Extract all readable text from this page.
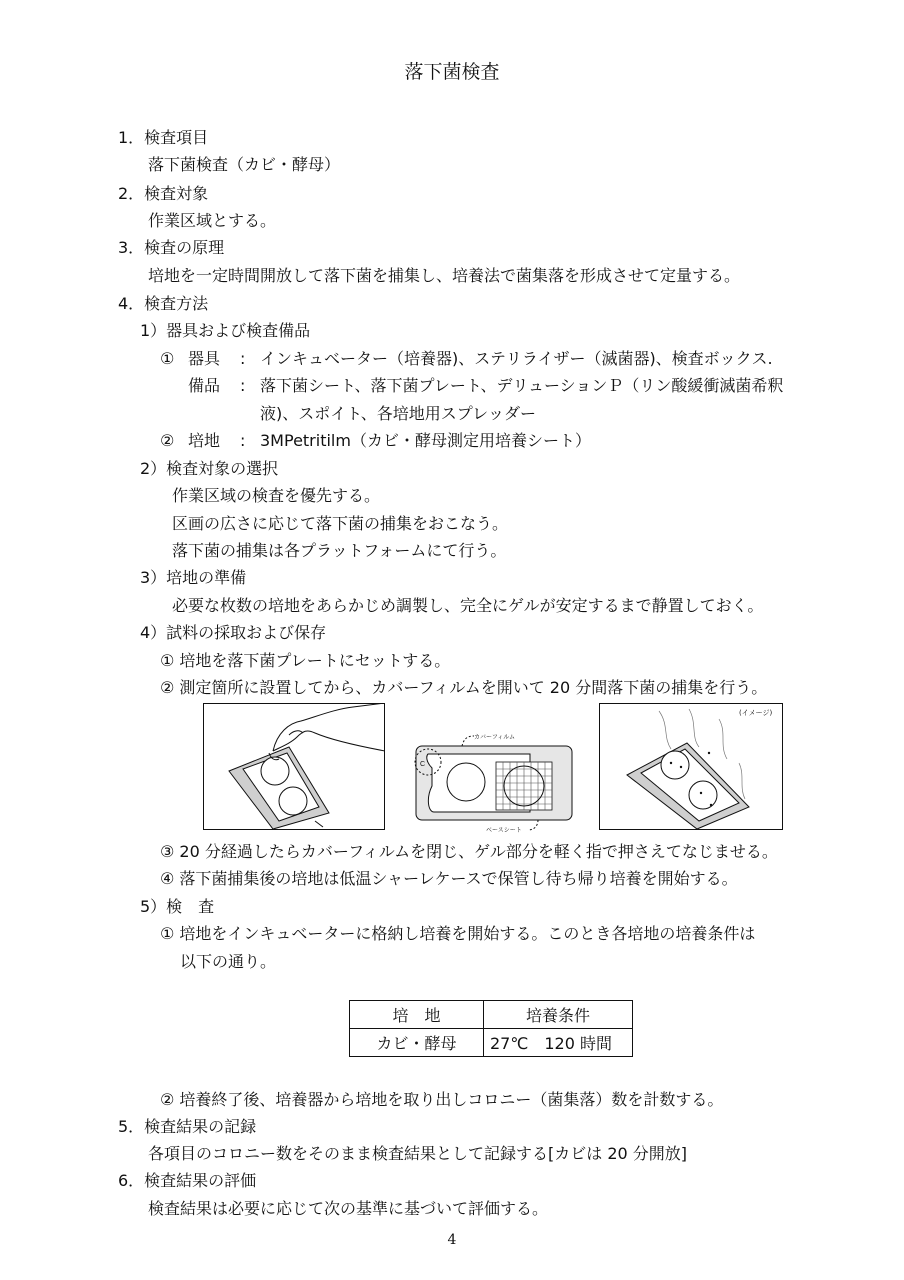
落下菌検査
1．検査項目
落下菌検査（カビ・酵母）
2．検査対象
作業区域とする。
3．検査の原理
培地を一定時間開放して落下菌を捕集し、培養法で菌集落を形成させて定量する。
4．検査方法
1）器具および検査備品
① 器具 : インキュベーター（培養器)、ステリライザー（滅菌器)、検査ボックス.
備品 : 落下菌シート、落下菌プレート、デリューションＰ（リン酸緩衝滅菌希釈
液)、スポイト、各培地用スプレッダー
② 培地 : 3MPetritilm（カビ・酵母測定用培養シート）
2）検査対象の選択
作業区域の検査を優先する。
区画の広さに応じて落下菌の捕集をおこなう。
落下菌の捕集は各プラットフォームにて行う。
3）培地の準備
必要な枚数の培地をあらかじめ調製し、完全にゲルが安定するまで静置しておく。
4）試料の採取および保存
① 培地を落下菌プレートにセットする。
② 測定箇所に設置してから、カバーフィルムを開いて 20 分間落下菌の捕集を行う。
C
カバーフィルム
ベースシート
(イメージ)
③ 20 分経過したらカバーフィルムを閉じ、ゲル部分を軽く指で押さえてなじませる。
④ 落下菌捕集後の培地は低温シャーレケースで保管し待ち帰り培養を開始する。
5）検　査
① 培地をインキュベーターに格納し培養を開始する。このとき各培地の培養条件は
以下の通り。
培　地	培養条件
カビ・酵母	27℃　120 時間
② 培養終了後、培養器から培地を取り出しコロニー（菌集落）数を計数する。
5．検査結果の記録
各項目のコロニー数をそのまま検査結果として記録する[カビは 20 分開放]
6．検査結果の評価
検査結果は必要に応じて次の基準に基づいて評価する。
4
